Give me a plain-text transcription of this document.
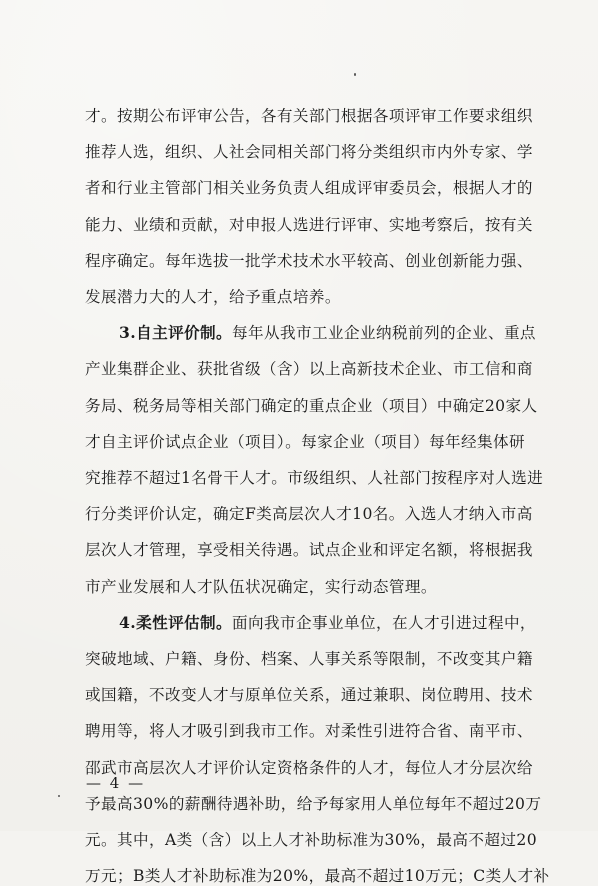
才。按期公布评审公告，各有关部门根据各项评审工作要求组织
推荐人选，组织、人社会同相关部门将分类组织市内外专家、学
者和行业主管部门相关业务负责人组成评审委员会，根据人才的
能力、业绩和贡献，对申报人选进行评审、实地考察后，按有关
程序确定。每年选拔一批学术技术水平较高、创业创新能力强、
发展潜力大的人才，给予重点培养。
3.自主评价制。每年从我市工业企业纳税前列的企业、重点
产业集群企业、获批省级（含）以上高新技术企业、市工信和商
务局、税务局等相关部门确定的重点企业（项目）中确定20家人
才自主评价试点企业（项目）。每家企业（项目）每年经集体研
究推荐不超过1名骨干人才。市级组织、人社部门按程序对人选进
行分类评价认定，确定F类高层次人才10名。入选人才纳入市高
层次人才管理，享受相关待遇。试点企业和评定名额，将根据我
市产业发展和人才队伍状况确定，实行动态管理。
4.柔性评估制。面向我市企事业单位，在人才引进过程中，
突破地域、户籍、身份、档案、人事关系等限制，不改变其户籍
或国籍，不改变人才与原单位关系，通过兼职、岗位聘用、技术
聘用等，将人才吸引到我市工作。对柔性引进符合省、南平市、
邵武市高层次人才评价认定资格条件的人才，每位人才分层次给
予最高30%的薪酬待遇补助，给予每家用人单位每年不超过20万
元。其中，A类（含）以上人才补助标准为30%，最高不超过20
万元；B类人才补助标准为20%，最高不超过10万元；C类人才补
— 4 —
